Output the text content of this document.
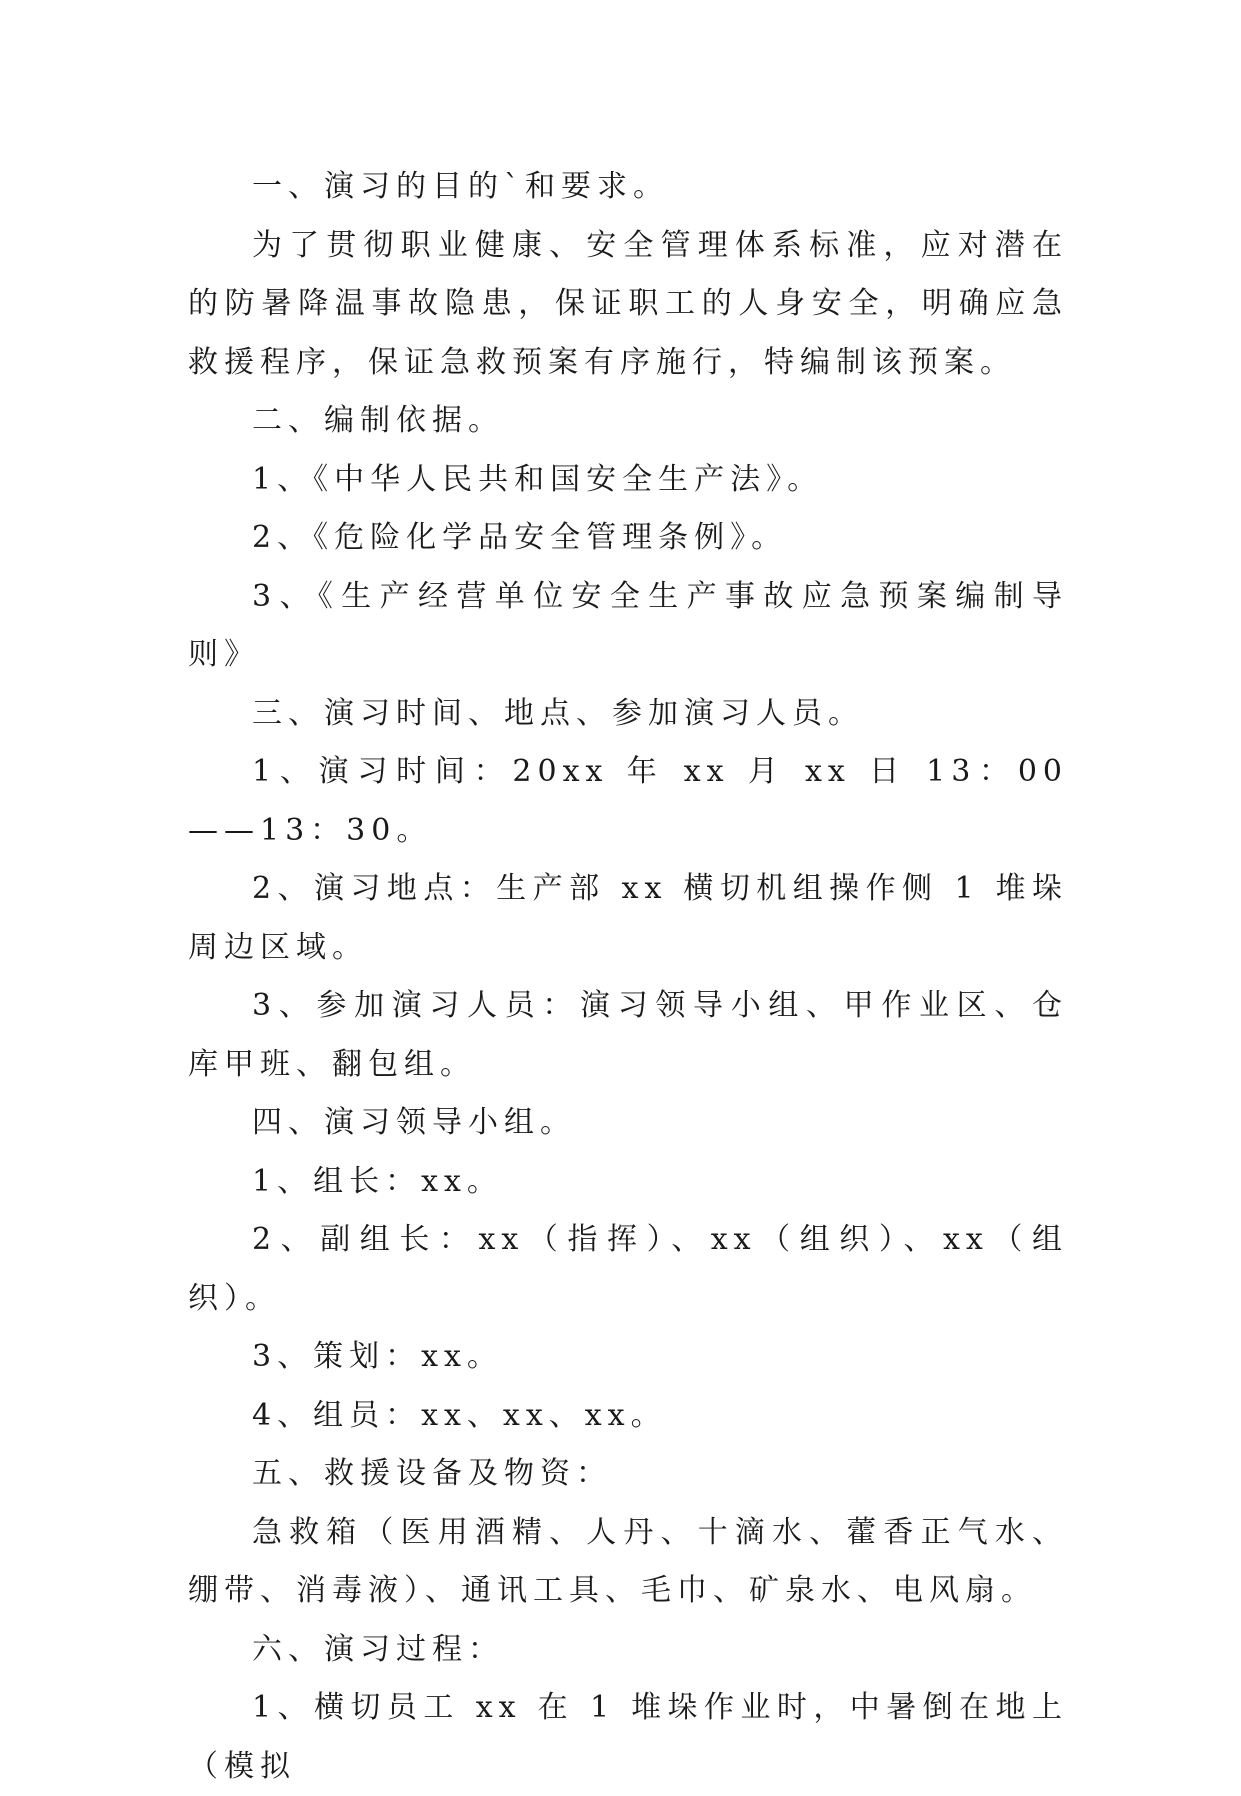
一、演习的目的`和要求。

为了贯彻职业健康、安全管理体系标准，应对潜在的防暑降温事故隐患，保证职工的人身安全，明确应急救援程序，保证急救预案有序施行，特编制该预案。

二、编制依据。

1、《中华人民共和国安全生产法》。

2、《危险化学品安全管理条例》。

3、《生产经营单位安全生产事故应急预案编制导则》

三、演习时间、地点、参加演习人员。

1、演习时间：20xx 年 xx 月 xx 日 13：00——13：30。

2、演习地点：生产部 xx 横切机组操作侧 1 堆垛周边区域。

3、参加演习人员：演习领导小组、甲作业区、仓库甲班、翻包组。

四、演习领导小组。

1、组长：xx。

2、副组长：xx（指挥）、xx（组织）、xx（组织）。

3、策划：xx。

4、组员：xx、xx、xx。

五、救援设备及物资：

急救箱（医用酒精、人丹、十滴水、藿香正气水、绷带、消毒液）、通讯工具、毛巾、矿泉水、电风扇。

六、演习过程：

1、横切员工 xx 在 1 堆垛作业时，中暑倒在地上（模拟
